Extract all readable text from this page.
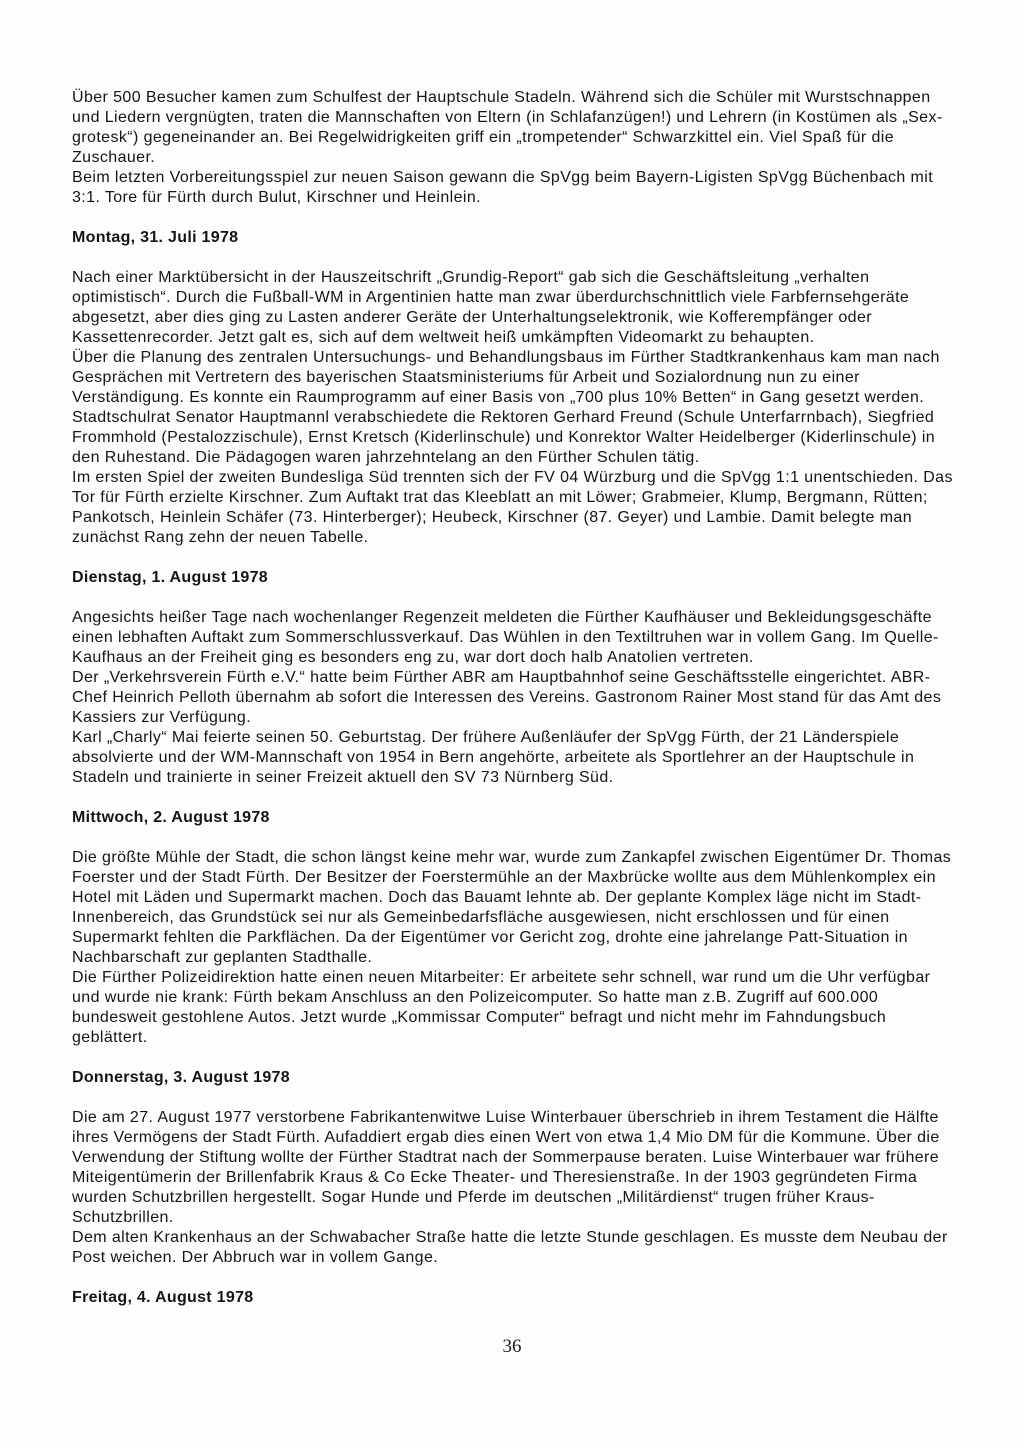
Über 500 Besucher kamen zum Schulfest der Hauptschule Stadeln. Während sich die Schüler mit Wurstschnappen und Liedern vergnügten, traten die Mannschaften von Eltern (in Schlafanzügen!) und Lehrern (in Kostümen als „Sex-grotesk“) gegeneinander an. Bei Regelwidrigkeiten griff ein „trompetender“ Schwarzkittel ein. Viel Spaß für die Zuschauer.

Beim letzten Vorbereitungsspiel zur neuen Saison gewann die SpVgg beim Bayern-Ligisten SpVgg Büchenbach mit 3:1. Tore für Fürth durch Bulut, Kirschner und Heinlein.

Montag, 31. Juli 1978

Nach einer Marktübersicht in der Hauszeitschrift „Grundig-Report“ gab sich die Geschäftsleitung „verhalten optimistisch“. Durch die Fußball-WM in Argentinien hatte man zwar überdurchschnittlich viele Farbfernsehgeräte abgesetzt, aber dies ging zu Lasten anderer Geräte der Unterhaltungselektronik, wie Kofferempfänger oder Kassettenrecorder. Jetzt galt es, sich auf dem weltweit heiß umkämpften Videomarkt zu behaupten.

Über die Planung des zentralen Untersuchungs- und Behandlungsbaus im Fürther Stadtkrankenhaus kam man nach Gesprächen mit Vertretern des bayerischen Staatsministeriums für Arbeit und Sozialordnung nun zu einer Verständigung. Es konnte ein Raumprogramm auf einer Basis von „700 plus 10% Betten“ in Gang gesetzt werden. Stadtschulrat Senator Hauptmannl verabschiedete die Rektoren Gerhard Freund (Schule Unterfarrnbach), Siegfried Frommhold (Pestalozzischule), Ernst Kretsch (Kiderlinschule) und Konrektor Walter Heidelberger (Kiderlinschule) in den Ruhestand. Die Pädagogen waren jahrzehntelang an den Fürther Schulen tätig.

Im ersten Spiel der zweiten Bundesliga Süd trennten sich der FV 04 Würzburg und die SpVgg 1:1 unentschieden. Das Tor für Fürth erzielte Kirschner. Zum Auftakt trat das Kleeblatt an mit Löwer; Grabmeier, Klump, Bergmann, Rütten; Pankotsch, Heinlein Schäfer (73. Hinterberger); Heubeck, Kirschner (87. Geyer) und Lambie. Damit belegte man zunächst Rang zehn der neuen Tabelle.

Dienstag, 1. August 1978

Angesichts heißer Tage nach wochenlanger Regenzeit meldeten die Fürther Kaufhäuser und Bekleidungsgeschäfte einen lebhaften Auftakt zum Sommerschlussverkauf. Das Wühlen in den Textiltruhen war in vollem Gang. Im Quelle-Kaufhaus an der Freiheit ging es besonders eng zu, war dort doch halb Anatolien vertreten.

Der „Verkehrsverein Fürth e.V.“ hatte beim Fürther ABR am Hauptbahnhof seine Geschäftsstelle eingerichtet. ABR-Chef Heinrich Pelloth übernahm ab sofort die Interessen des Vereins. Gastronom Rainer Most stand für das Amt des Kassiers zur Verfügung.

Karl „Charly“ Mai feierte seinen 50. Geburtstag. Der frühere Außenläufer der SpVgg Fürth, der 21 Länderspiele absolvierte und der WM-Mannschaft von 1954 in Bern angehörte, arbeitete als Sportlehrer an der Hauptschule in Stadeln und trainierte in seiner Freizeit aktuell den SV 73 Nürnberg Süd.

Mittwoch, 2. August 1978

Die größte Mühle der Stadt, die schon längst keine mehr war, wurde zum Zankapfel zwischen Eigentümer Dr. Thomas Foerster und der Stadt Fürth. Der Besitzer der Foerstermühle an der Maxbrücke wollte aus dem Mühlenkomplex ein Hotel mit Läden und Supermarkt machen. Doch das Bauamt lehnte ab. Der geplante Komplex läge nicht im Stadt-Innenbereich, das Grundstück sei nur als Gemeinbedarfsfläche ausgewiesen, nicht erschlossen und für einen Supermarkt fehlten die Parkflächen. Da der Eigentümer vor Gericht zog, drohte eine jahrelange Patt-Situation in Nachbarschaft zur geplanten Stadthalle.

Die Fürther Polizeidirektion hatte einen neuen Mitarbeiter: Er arbeitete sehr schnell, war rund um die Uhr verfügbar und wurde nie krank: Fürth bekam Anschluss an den Polizeicomputer. So hatte man z.B. Zugriff auf 600.000 bundesweit gestohlene Autos. Jetzt wurde „Kommissar Computer“ befragt und nicht mehr im Fahndungsbuch geblättert.

Donnerstag, 3. August 1978

Die am 27. August 1977 verstorbene Fabrikantenwitwe Luise Winterbauer überschrieb in ihrem Testament die Hälfte ihres Vermögens der Stadt Fürth. Aufaddiert ergab dies einen Wert von etwa 1,4 Mio DM für die Kommune. Über die Verwendung der Stiftung wollte der Fürther Stadtrat nach der Sommerpause beraten. Luise Winterbauer war frühere Miteigentümerin der Brillenfabrik Kraus & Co Ecke Theater- und Theresienstraße. In der 1903 gegründeten Firma wurden Schutzbrillen hergestellt. Sogar Hunde und Pferde im deutschen „Militärdienst“ trugen früher Kraus-Schutzbrillen.

Dem alten Krankenhaus an der Schwabacher Straße hatte die letzte Stunde geschlagen. Es musste dem Neubau der Post weichen. Der Abbruch war in vollem Gange.

Freitag, 4. August 1978
36
